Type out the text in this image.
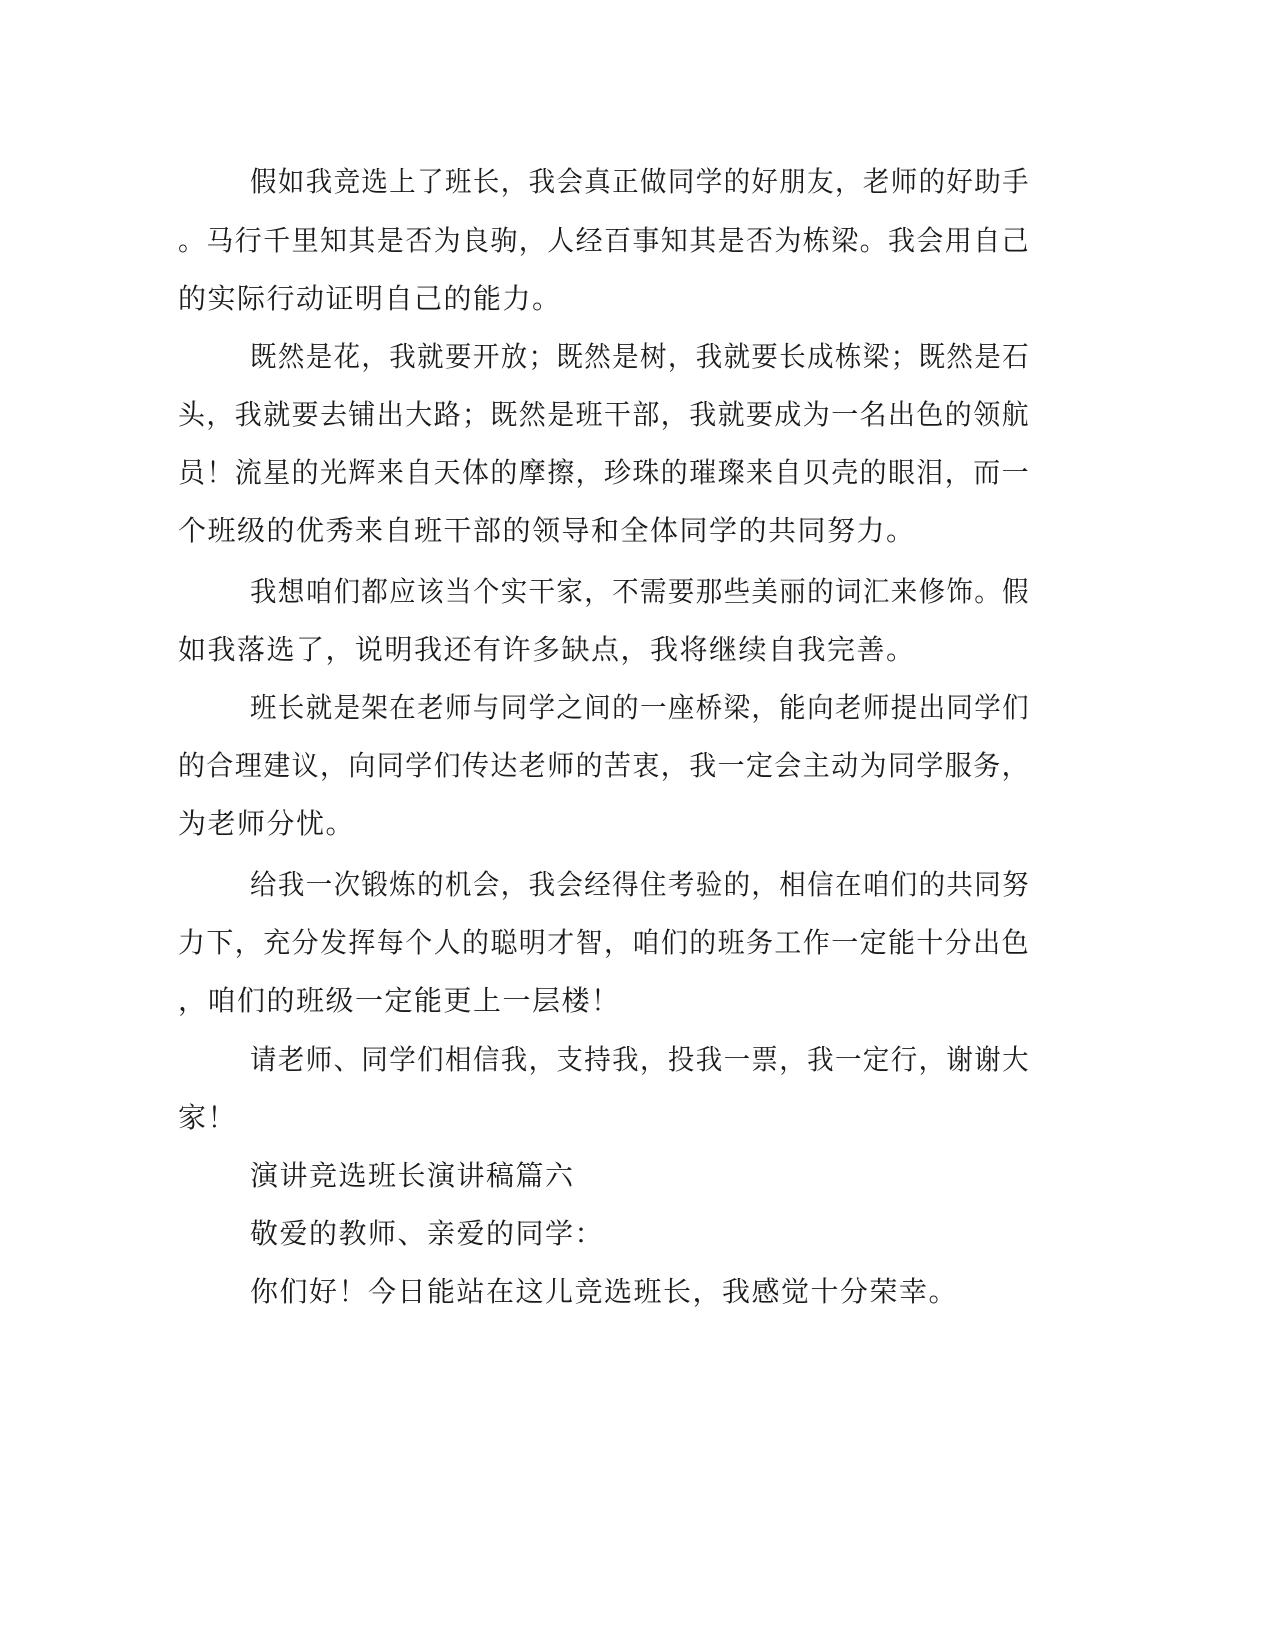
假如我竞选上了班长，我会真正做同学的好朋友，老师的好助手
。马行千里知其是否为良驹，人经百事知其是否为栋梁。我会用自己
的实际行动证明自己的能力。
既然是花，我就要开放；既然是树，我就要长成栋梁；既然是石
头，我就要去铺出大路；既然是班干部，我就要成为一名出色的领航
员！流星的光辉来自天体的摩擦，珍珠的璀璨来自贝壳的眼泪，而一
个班级的优秀来自班干部的领导和全体同学的共同努力。
我想咱们都应该当个实干家，不需要那些美丽的词汇来修饰。假
如我落选了，说明我还有许多缺点，我将继续自我完善。
班长就是架在老师与同学之间的一座桥梁，能向老师提出同学们
的合理建议，向同学们传达老师的苦衷，我一定会主动为同学服务，
为老师分忧。
给我一次锻炼的机会，我会经得住考验的，相信在咱们的共同努
力下，充分发挥每个人的聪明才智，咱们的班务工作一定能十分出色
，咱们的班级一定能更上一层楼！
请老师、同学们相信我，支持我，投我一票，我一定行，谢谢大
家！
演讲竞选班长演讲稿篇六
敬爱的教师、亲爱的同学：
你们好！今日能站在这儿竞选班长，我感觉十分荣幸。
